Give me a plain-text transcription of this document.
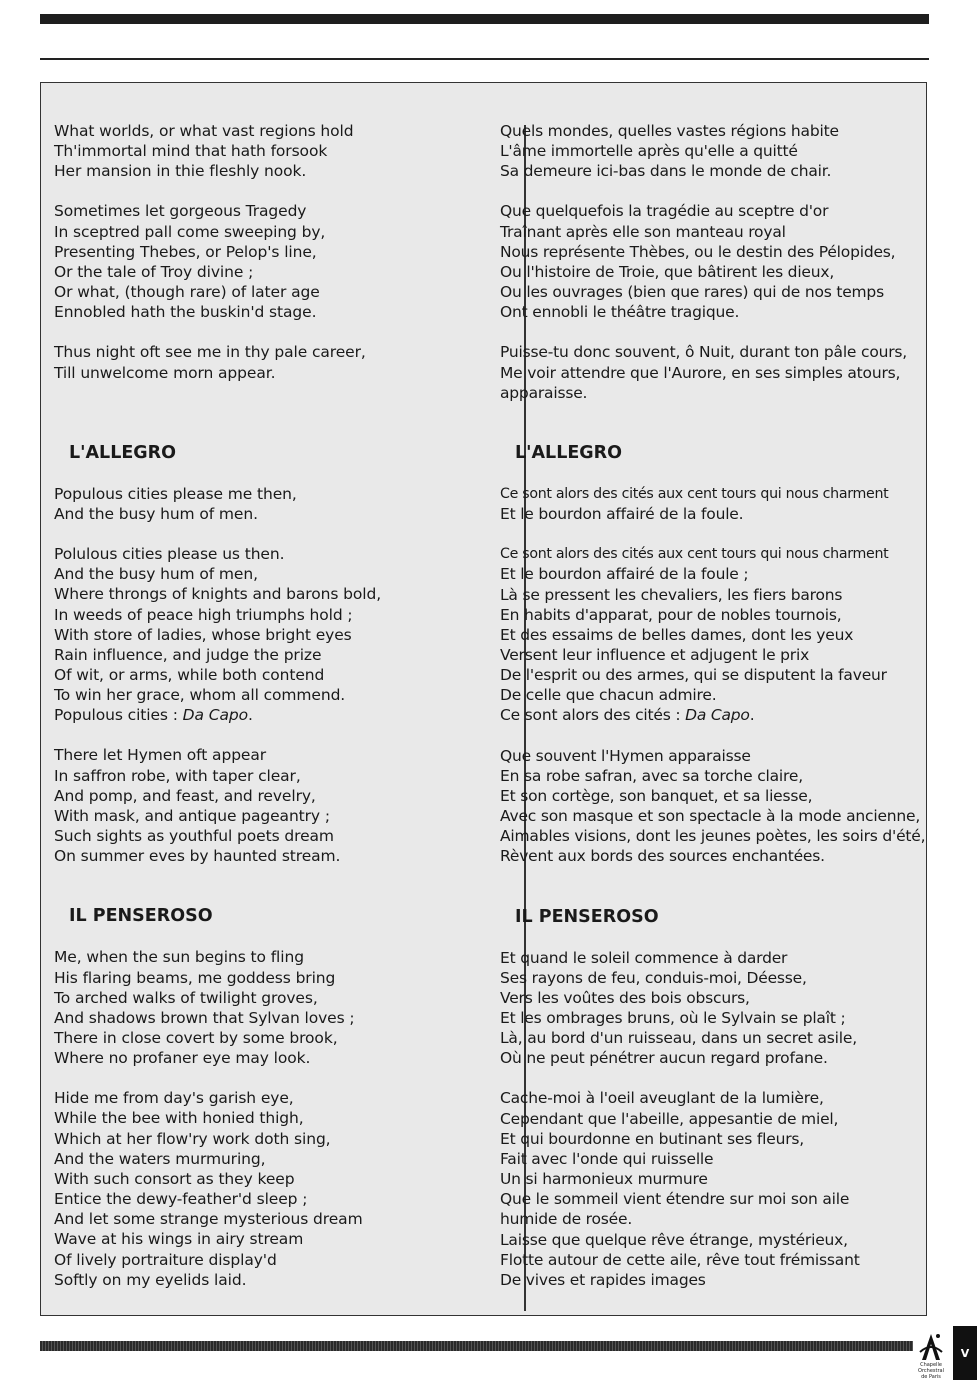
What worlds, or what vast regions hold
Th'immortal mind that hath forsook
Her mansion in thie fleshly nook.
Sometimes let gorgeous Tragedy
In sceptred pall come sweeping by,
Presenting Thebes, or Pelop's line,
Or the tale of Troy divine ;
Or what, (though rare) of later age
Ennobled hath the buskin'd stage.
Thus night oft see me in thy pale career,
Till unwelcome morn appear.
L'ALLEGRO
Populous cities please me then,
And the busy hum of men.
Polulous cities please us then.
And the busy hum of men,
Where throngs of knights and barons bold,
In weeds of peace high triumphs hold ;
With store of ladies, whose bright eyes
Rain influence, and judge the prize
Of wit, or arms, while both contend
To win her grace, whom all commend.
Populous cities : Da Capo.
There let Hymen oft appear
In saffron robe, with taper clear,
And pomp, and feast, and revelry,
With mask, and antique pageantry ;
Such sights as youthful poets dream
On summer eves by haunted stream.
IL PENSEROSO
Me, when the sun begins to fling
His flaring beams, me goddess bring
To arched walks of twilight groves,
And shadows brown that Sylvan loves ;
There in close covert by some brook,
Where no profaner eye may look.
Hide me from day's garish eye,
While the bee with honied thigh,
Which at her flow'ry work doth sing,
And the waters murmuring,
With such consort as they keep
Entice the dewy-feather'd sleep ;
And let some strange mysterious dream
Wave at his wings in airy stream
Of lively portraiture display'd
Softly on my eyelids laid.
Quels mondes, quelles vastes régions habite
L'âme immortelle après qu'elle a quitté
Sa demeure ici-bas dans le monde de chair.
Que quelquefois la tragédie au sceptre d'or
Traînant après elle son manteau royal
Nous représente Thèbes, ou le destin des Pélopides,
Ou l'histoire de Troie, que bâtirent les dieux,
Ou les ouvrages (bien que rares) qui de nos temps
Ont ennobli le théâtre tragique.
Puisse-tu donc souvent, ô Nuit, durant ton pâle cours,
Me voir attendre que l'Aurore, en ses simples atours,
apparaisse.
L'ALLEGRO
Ce sont alors des cités aux cent tours qui nous charment
Et le bourdon affairé de la foule.
Ce sont alors des cités aux cent tours qui nous charment
Et le bourdon affairé de la foule ;
Là se pressent les chevaliers, les fiers barons
En habits d'apparat, pour de nobles tournois,
Et des essaims de belles dames, dont les yeux
Versent leur influence et adjugent le prix
De l'esprit ou des armes, qui se disputent la faveur
De celle que chacun admire.
Ce sont alors des cités : Da Capo.
Que souvent l'Hymen apparaisse
En sa robe safran, avec sa torche claire,
Et son cortège, son banquet, et sa liesse,
Avec son masque et son spectacle à la mode ancienne,
Aimables visions, dont les jeunes poètes, les soirs d'été,
Rèvent aux bords des sources enchantées.
IL PENSEROSO
Et quand le soleil commence à darder
Ses rayons de feu, conduis-moi, Déesse,
Vers les voûtes des bois obscurs,
Et les ombrages bruns, où le Sylvain se plaît ;
Là, au bord d'un ruisseau, dans un secret asile,
Où ne peut pénétrer aucun regard profane.
Cache-moi à l'oeil aveuglant de la lumière,
Cependant que l'abeille, appesantie de miel,
Et qui bourdonne en butinant ses fleurs,
Fait avec l'onde qui ruisselle
Un si harmonieux murmure
Que le sommeil vient étendre sur moi son aile
humide de rosée.
Laisse que quelque rêve étrange, mystérieux,
Flotte autour de cette aile, rêve tout frémissant
De vives et rapides images
Chapelle Orchestral de Paris
V
